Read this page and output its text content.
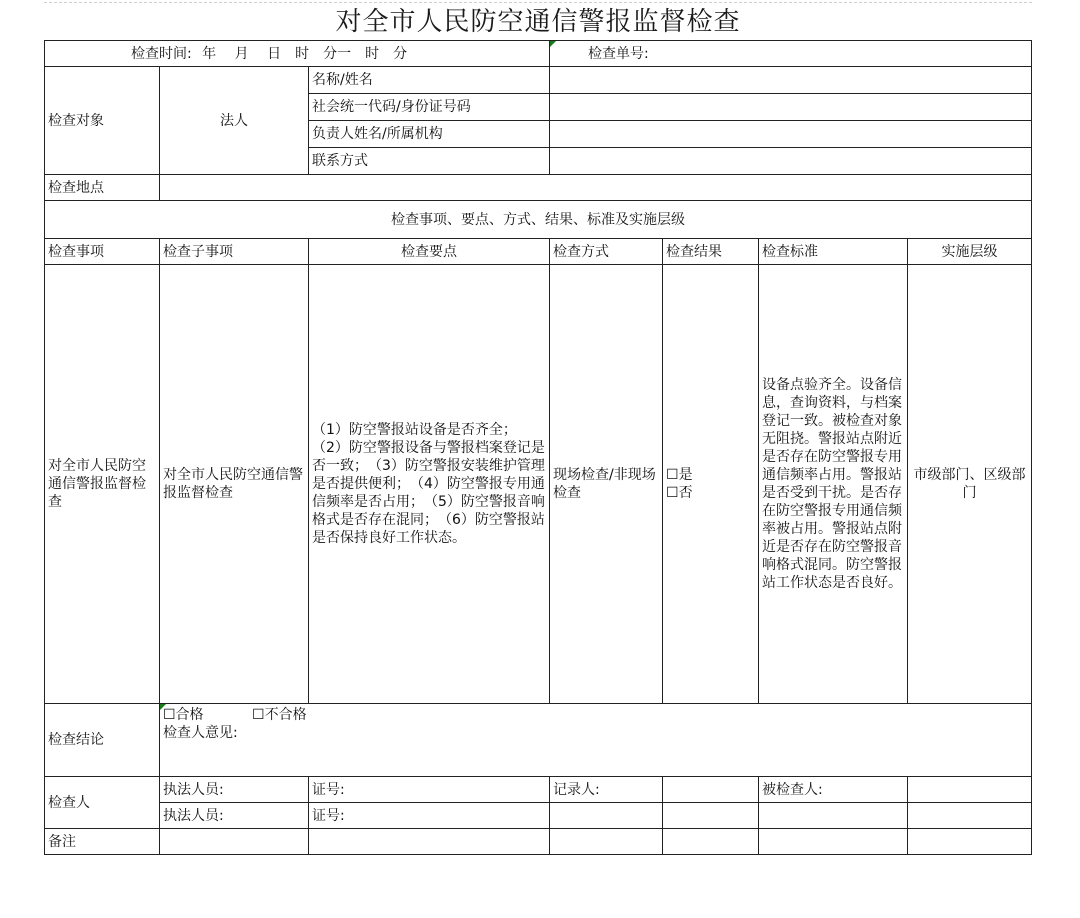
对全市人民防空通信警报监督检查
检查时间: 年　 月　 日　时　分一　时　分			检查单号:			
检查对象	法人	名称/姓名				
		社会统一代码/身份证号码				
		负责人姓名/所属机构				
		联系方式				
检查地点						
检查事项、要点、方式、结果、标准及实施层级						
检查事项	检查子事项	检查要点	检查方式	检查结果	检查标准	实施层级
对全市人民防空通信警报监督检查	对全市人民防空通信警报监督检查	（1）防空警报站设备是否齐全；　（2）防空警报设备与警报档案登记是否一致；　（3）防空警报安装维护管理是否提供便利；　（4）防空警报专用通信频率是否占用；　（5）防空警报音响格式是否存在混同；　（6）防空警报站是否保持良好工作状态。	现场检查/非现场检查	☐是
☐否	设备点验齐全。设备信息，查询资料，与档案登记一致。被检查对象无阻挠。警报站点附近是否存在防空警报专用通信频率占用。警报站是否受到干扰。是否存在防空警报专用通信频率被占用。警报站点附近是否存在防空警报音响格式混同。防空警报站工作状态是否良好。	市级部门、区级部门
检查结论	☐合格 ☐不合格
检查人意见:					

检查人	执法人员:	证号:	记录人:		被检查人:	
	执法人员:	证号:				
备注						
